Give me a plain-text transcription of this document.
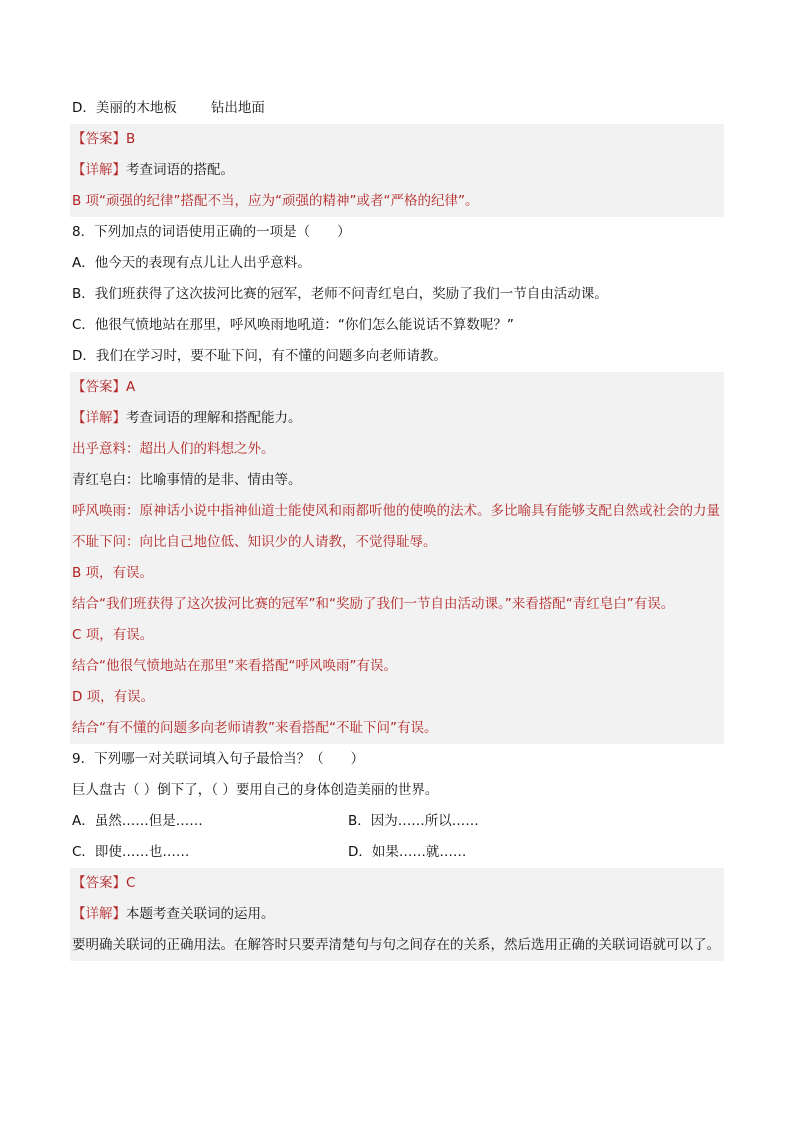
D．美丽的木地板	钻出地面
【答案】B
【详解】考查词语的搭配。
B 项“顽强的纪律”搭配不当，应为“顽强的精神”或者“严格的纪律”。
8．下列加点的词语使用正确的一项是（　　）
A．他今天的表现有点儿让人出乎意料。
B．我们班获得了这次拔河比赛的冠军，老师不问青红皂白，奖励了我们一节自由活动课。
C．他很气愤地站在那里，呼风唤雨地吼道：“你们怎么能说话不算数呢？”
D．我们在学习时，要不耻下问，有不懂的问题多向老师请教。
【答案】A
【详解】考查词语的理解和搭配能力。
出乎意料：超出人们的料想之外。
青红皂白：比喻事情的是非、情由等。
呼风唤雨：原神话小说中指神仙道士能使风和雨都听他的使唤的法术。多比喻具有能够支配自然或社会的力量
不耻下问：向比自己地位低、知识少的人请教，不觉得耻辱。
B 项，有误。
结合“我们班获得了这次拔河比赛的冠军”和“奖励了我们一节自由活动课。”来看搭配“青红皂白”有误。
C 项，有误。
结合“他很气愤地站在那里”来看搭配“呼风唤雨”有误。
D 项，有误。
结合“有不懂的问题多向老师请教”来看搭配“不耻下问”有误。
9．下列哪一对关联词填入句子最恰当？（　　）
巨人盘古（ ）倒下了，（ ）要用自己的身体创造美丽的世界。
A．虽然……但是……	B．因为……所以……
C．即使……也……	D．如果……就……
【答案】C
【详解】本题考查关联词的运用。
要明确关联词的正确用法。在解答时只要弄清楚句与句之间存在的关系，然后选用正确的关联词语就可以了。
